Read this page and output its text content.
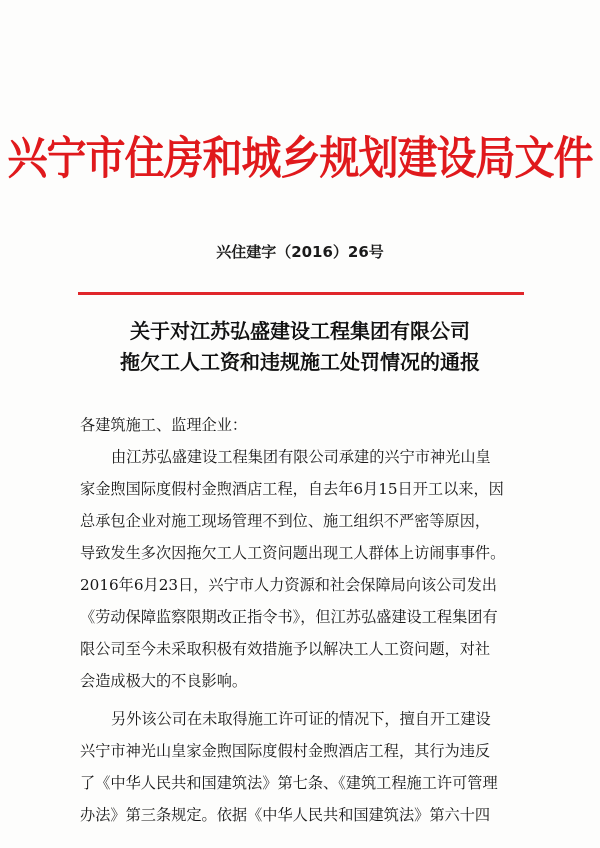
兴宁市住房和城乡规划建设局文件
兴住建字（2016）26号
关于对江苏弘盛建设工程集团有限公司
拖欠工人工资和违规施工处罚情况的通报
各建筑施工、监理企业：
由江苏弘盛建设工程集团有限公司承建的兴宁市神光山皇
家金煦国际度假村金煦酒店工程，自去年6月15日开工以来，因
总承包企业对施工现场管理不到位、施工组织不严密等原因，
导致发生多次因拖欠工人工资问题出现工人群体上访闹事事件。
2016年6月23日，兴宁市人力资源和社会保障局向该公司发出
《劳动保障监察限期改正指令书》，但江苏弘盛建设工程集团有
限公司至今未采取积极有效措施予以解决工人工资问题，对社
会造成极大的不良影响。
另外该公司在未取得施工许可证的情况下，擅自开工建设
兴宁市神光山皇家金煦国际度假村金煦酒店工程，其行为违反
了《中华人民共和国建筑法》第七条、《建筑工程施工许可管理
办法》第三条规定。依据《中华人民共和国建筑法》第六十四
